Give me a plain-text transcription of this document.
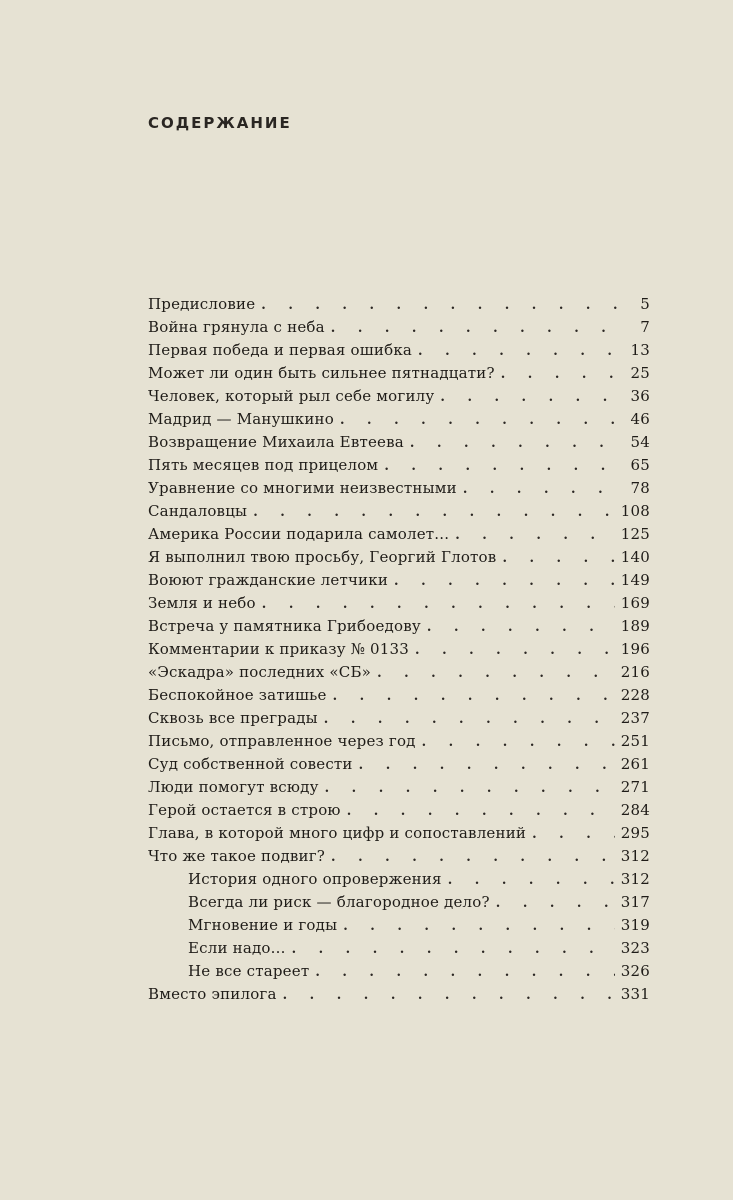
СОДЕРЖАНИЕ
Предисловие . . .	5
Война грянула с неба . . .	7
Первая победа и первая ошибка . . .	13
Может ли один быть сильнее пятнадцати? . . .	25
Человек, который рыл себе могилу . . .	36
Мадрид — Манушкино . . .	46
Возвращение Михаила Евтеева . . .	54
Пять месяцев под прицелом . . .	65
Уравнение со многими неизвестными . . .	78
Сандаловцы . . .	108
Америка России подарила самолет... . . .	125
Я выполнил твою просьбу, Георгий Глотов . . .	140
Воюют гражданские летчики . . .	149
Земля и небо . . .	169
Встреча у памятника Грибоедову . . .	189
Комментарии к приказу № 0133 . . .	196
«Эскадра» последних «СБ» . . .	216
Беспокойное затишье . . .	228
Сквозь все преграды . . .	237
Письмо, отправленное через год . . .	251
Суд собственной совести . . .	261
Люди помогут всюду . . .	271
Герой остается в строю . . .	284
Глава, в которой много цифр и сопоставлений . . .	295
Что же такое подвиг? . . .	312
История одного опровержения . . .	312
Всегда ли риск — благородное дело? . . .	317
Мгновение и годы . . .	319
Если надо... . . .	323
Не все стареет . . .	326
Вместо эпилога . . .	331
